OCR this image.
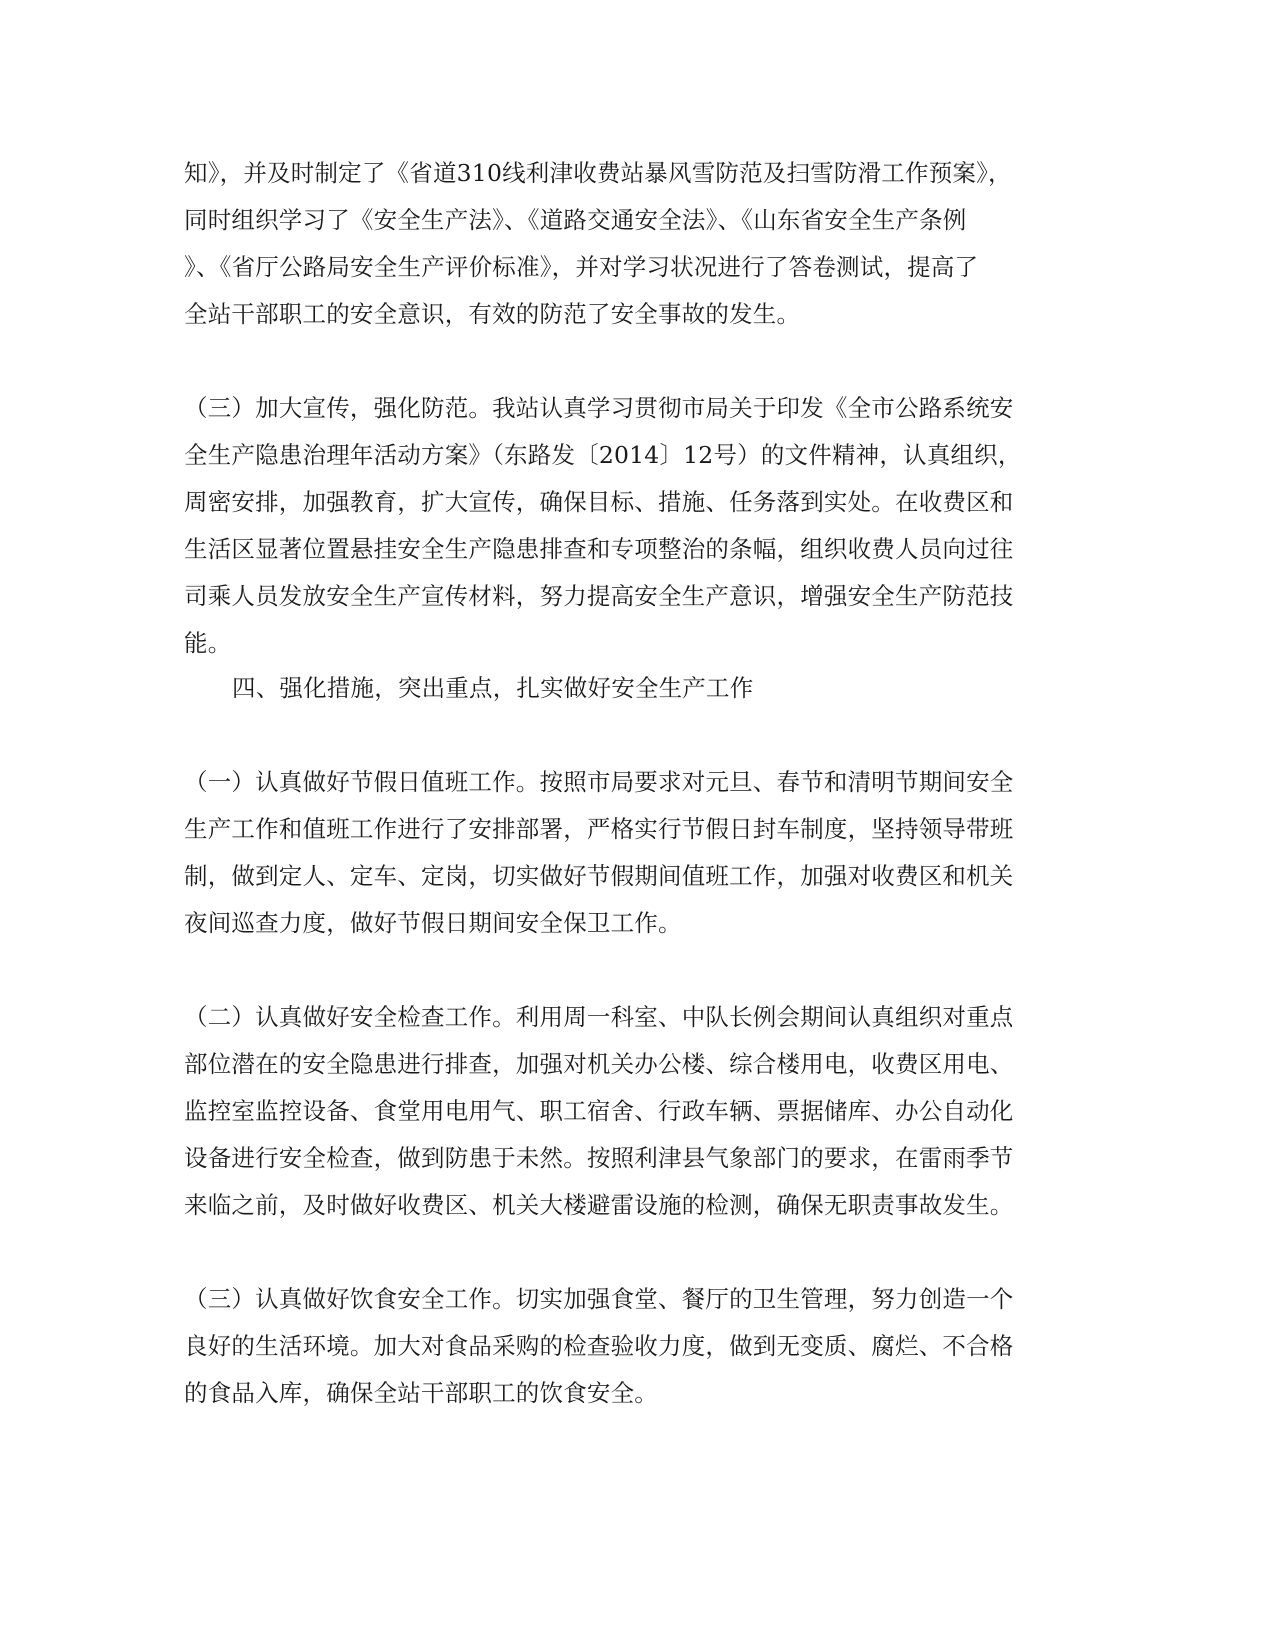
知》，并及时制定了《省道310线利津收费站暴风雪防范及扫雪防滑工作预案》，
同时组织学习了《安全生产法》、《道路交通安全法》、《山东省安全生产条例
》、《省厅公路局安全生产评价标准》，并对学习状况进行了答卷测试，提高了
全站干部职工的安全意识，有效的防范了安全事故的发生。
（三）加大宣传，强化防范。我站认真学习贯彻市局关于印发《全市公路系统安
全生产隐患治理年活动方案》（东路发〔2014〕12号）的文件精神，认真组织，
周密安排，加强教育，扩大宣传，确保目标、措施、任务落到实处。在收费区和
生活区显著位置悬挂安全生产隐患排查和专项整治的条幅，组织收费人员向过往
司乘人员发放安全生产宣传材料，努力提高安全生产意识，增强安全生产防范技
能。
四、强化措施，突出重点，扎实做好安全生产工作
（一）认真做好节假日值班工作。按照市局要求对元旦、春节和清明节期间安全
生产工作和值班工作进行了安排部署，严格实行节假日封车制度，坚持领导带班
制，做到定人、定车、定岗，切实做好节假期间值班工作，加强对收费区和机关
夜间巡查力度，做好节假日期间安全保卫工作。
（二）认真做好安全检查工作。利用周一科室、中队长例会期间认真组织对重点
部位潜在的安全隐患进行排查，加强对机关办公楼、综合楼用电，收费区用电、
监控室监控设备、食堂用电用气、职工宿舍、行政车辆、票据储库、办公自动化
设备进行安全检查，做到防患于未然。按照利津县气象部门的要求，在雷雨季节
来临之前，及时做好收费区、机关大楼避雷设施的检测，确保无职责事故发生。
（三）认真做好饮食安全工作。切实加强食堂、餐厅的卫生管理，努力创造一个
良好的生活环境。加大对食品采购的检查验收力度，做到无变质、腐烂、不合格
的食品入库，确保全站干部职工的饮食安全。
